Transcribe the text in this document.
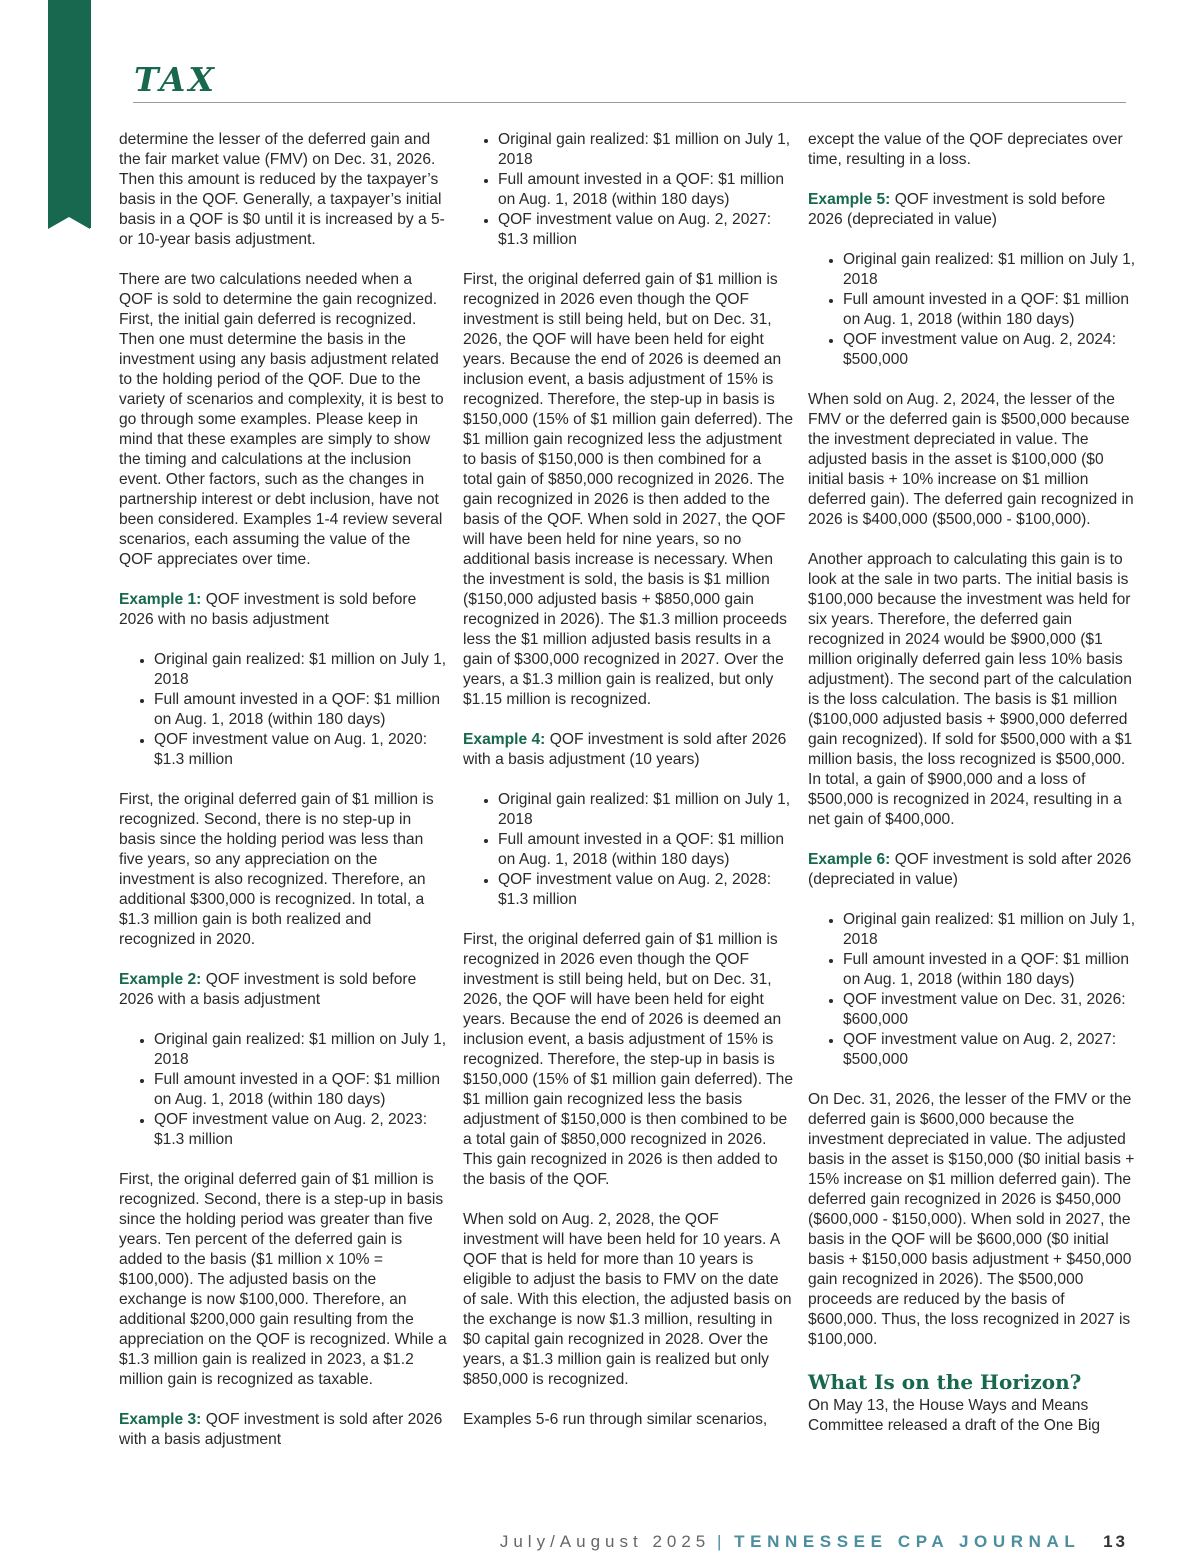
tax
TAX

determine the lesser of the deferred gain and the fair market value (FMV) on Dec. 31, 2026. Then this amount is reduced by the taxpayer’s basis in the QOF. Generally, a taxpayer’s initial basis in a QOF is $0 until it is increased by a 5- or 10-year basis adjustment.

There are two calculations needed when a QOF is sold to determine the gain recognized. First, the initial gain deferred is recognized. Then one must determine the basis in the investment using any basis adjustment related to the holding period of the QOF. Due to the variety of scenarios and complexity, it is best to go through some examples. Please keep in mind that these examples are simply to show the timing and calculations at the inclusion event. Other factors, such as the changes in partnership interest or debt inclusion, have not been considered. Examples 1-4 review several scenarios, each assuming the value of the QOF appreciates over time.

Example 1: QOF investment is sold before 2026 with no basis adjustment

• Original gain realized: $1 million on July 1, 2018
• Full amount invested in a QOF: $1 million on Aug. 1, 2018 (within 180 days)
• QOF investment value on Aug. 1, 2020: $1.3 million

First, the original deferred gain of $1 million is recognized. Second, there is no step-up in basis since the holding period was less than five years, so any appreciation on the investment is also recognized. Therefore, an additional $300,000 is recognized. In total, a $1.3 million gain is both realized and recognized in 2020.

Example 2: QOF investment is sold before 2026 with a basis adjustment

• Original gain realized: $1 million on July 1, 2018
• Full amount invested in a QOF: $1 million on Aug. 1, 2018 (within 180 days)
• QOF investment value on Aug. 2, 2023: $1.3 million

First, the original deferred gain of $1 million is recognized. Second, there is a step-up in basis since the holding period was greater than five years. Ten percent of the deferred gain is added to the basis ($1 million x 10% = $100,000). The adjusted basis on the exchange is now $100,000. Therefore, an additional $200,000 gain resulting from the appreciation on the QOF is recognized. While a $1.3 million gain is realized in 2023, a $1.2 million gain is recognized as taxable.

Example 3: QOF investment is sold after 2026 with a basis adjustment

• Original gain realized: $1 million on July 1, 2018
• Full amount invested in a QOF: $1 million on Aug. 1, 2018 (within 180 days)
• QOF investment value on Aug. 2, 2027: $1.3 million

First, the original deferred gain of $1 million is recognized in 2026 even though the QOF investment is still being held, but on Dec. 31, 2026, the QOF will have been held for eight years. Because the end of 2026 is deemed an inclusion event, a basis adjustment of 15% is recognized. Therefore, the step-up in basis is $150,000 (15% of $1 million gain deferred). The $1 million gain recognized less the adjustment to basis of $150,000 is then combined for a total gain of $850,000 recognized in 2026. The gain recognized in 2026 is then added to the basis of the QOF. When sold in 2027, the QOF will have been held for nine years, so no additional basis increase is necessary. When the investment is sold, the basis is $1 million ($150,000 adjusted basis + $850,000 gain recognized in 2026). The $1.3 million proceeds less the $1 million adjusted basis results in a gain of $300,000 recognized in 2027. Over the years, a $1.3 million gain is realized, but only $1.15 million is recognized.

Example 4: QOF investment is sold after 2026 with a basis adjustment (10 years)

• Original gain realized: $1 million on July 1, 2018
• Full amount invested in a QOF: $1 million on Aug. 1, 2018 (within 180 days)
• QOF investment value on Aug. 2, 2028: $1.3 million

First, the original deferred gain of $1 million is recognized in 2026 even though the QOF investment is still being held, but on Dec. 31, 2026, the QOF will have been held for eight years. Because the end of 2026 is deemed an inclusion event, a basis adjustment of 15% is recognized. Therefore, the step-up in basis is $150,000 (15% of $1 million gain deferred). The $1 million gain recognized less the basis adjustment of $150,000 is then combined to be a total gain of $850,000 recognized in 2026. This gain recognized in 2026 is then added to the basis of the QOF.

When sold on Aug. 2, 2028, the QOF investment will have been held for 10 years. A QOF that is held for more than 10 years is eligible to adjust the basis to FMV on the date of sale. With this election, the adjusted basis on the exchange is now $1.3 million, resulting in $0 capital gain recognized in 2028. Over the years, a $1.3 million gain is realized but only $850,000 is recognized.

Examples 5-6 run through similar scenarios,

except the value of the QOF depreciates over time, resulting in a loss.

Example 5: QOF investment is sold before 2026 (depreciated in value)

• Original gain realized: $1 million on July 1, 2018
• Full amount invested in a QOF: $1 million on Aug. 1, 2018 (within 180 days)
• QOF investment value on Aug. 2, 2024: $500,000

When sold on Aug. 2, 2024, the lesser of the FMV or the deferred gain is $500,000 because the investment depreciated in value. The adjusted basis in the asset is $100,000 ($0 initial basis + 10% increase on $1 million deferred gain). The deferred gain recognized in 2026 is $400,000 ($500,000 - $100,000).

Another approach to calculating this gain is to look at the sale in two parts. The initial basis is $100,000 because the investment was held for six years. Therefore, the deferred gain recognized in 2024 would be $900,000 ($1 million originally deferred gain less 10% basis adjustment). The second part of the calculation is the loss calculation. The basis is $1 million ($100,000 adjusted basis + $900,000 deferred gain recognized). If sold for $500,000 with a $1 million basis, the loss recognized is $500,000. In total, a gain of $900,000 and a loss of $500,000 is recognized in 2024, resulting in a net gain of $400,000.

Example 6: QOF investment is sold after 2026 (depreciated in value)

• Original gain realized: $1 million on July 1, 2018
• Full amount invested in a QOF: $1 million on Aug. 1, 2018 (within 180 days)
• QOF investment value on Dec. 31, 2026: $600,000
• QOF investment value on Aug. 2, 2027: $500,000

On Dec. 31, 2026, the lesser of the FMV or the deferred gain is $600,000 because the investment depreciated in value. The adjusted basis in the asset is $150,000 ($0 initial basis + 15% increase on $1 million deferred gain). The deferred gain recognized in 2026 is $450,000 ($600,000 - $150,000). When sold in 2027, the basis in the QOF will be $600,000 ($0 initial basis + $150,000 basis adjustment + $450,000 gain recognized in 2026). The $500,000 proceeds are reduced by the basis of $600,000. Thus, the loss recognized in 2027 is $100,000.

What Is on the Horizon?

On May 13, the House Ways and Means Committee released a draft of the One Big

July/August 2025 | TENNESSEE CPA JOURNAL 13
